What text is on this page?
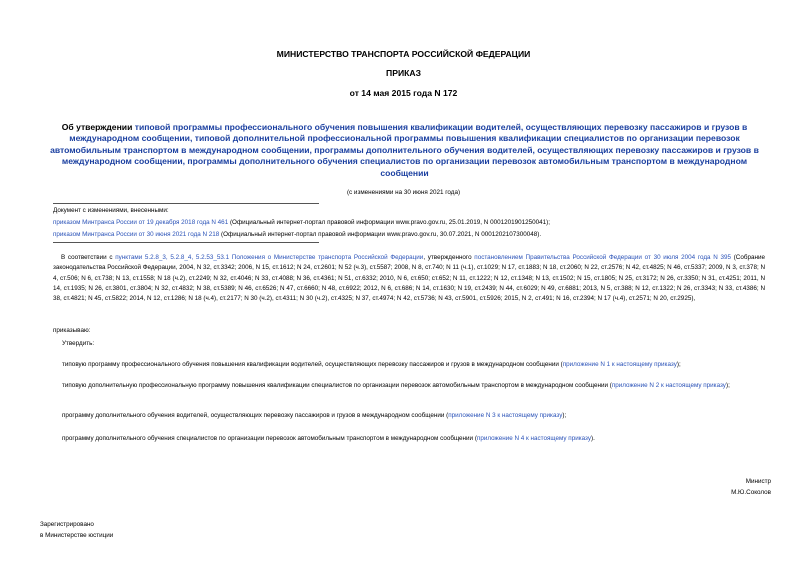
МИНИСТЕРСТВО ТРАНСПОРТА РОССИЙСКОЙ ФЕДЕРАЦИИ
ПРИКАЗ
от 14 мая 2015 года N 172
Об утверждении типовой программы профессионального обучения повышения квалификации водителей, осуществляющих перевозку пассажиров и грузов в международном сообщении, типовой дополнительной профессиональной программы повышения квалификации специалистов по организации перевозок автомобильным транспортом в международном сообщении, программы дополнительного обучения водителей, осуществляющих перевозку пассажиров и грузов в международном сообщении, программы дополнительного обучения специалистов по организации перевозок автомобильным транспортом в международном сообщении
(с изменениями на 30 июня 2021 года)
Документ с изменениями, внесенными:
приказом Минтранса России от 19 декабря 2018 года N 461 (Официальный интернет-портал правовой информации www.pravo.gov.ru, 25.01.2019, N 0001201901250041);
приказом Минтранса России от 30 июня 2021 года N 218 (Официальный интернет-портал правовой информации www.pravo.gov.ru, 30.07.2021, N 0001202107300048).
В соответствии с пунктами 5.2.8_3, 5.2.8_4, 5.2.53_53.1 Положения о Министерстве транспорта Российской Федерации, утвержденного постановлением Правительства Российской Федерации от 30 июля 2004 года N 395 (Собрание законодательства Российской Федерации, 2004, N 32, ст.3342; 2006, N 15, ст.1612; N 24, ст.2601; N 52 (ч.3), ст.5587; 2008, N 8, ст.740; N 11 (ч.1), ст.1029; N 17, ст.1883; N 18, ст.2060; N 22, ст.2576; N 42, ст.4825; N 46, ст.5337; 2009, N 3, ст.378; N 4, ст.506; N 6, ст.738; N 13, ст.1558; N 18 (ч.2), ст.2249; N 32, ст.4046; N 33, ст.4088; N 36, ст.4361; N 51, ст.6332; 2010, N 6, ст.650; ст.652; N 11, ст.1222; N 12, ст.1348; N 13, ст.1502; N 15, ст.1805; N 25, ст.3172; N 26, ст.3350; N 31, ст.4251; 2011, N 14, ст.1935; N 26, ст.3801, ст.3804; N 32, ст.4832; N 38, ст.5389; N 46, ст.6526; N 47, ст.6660; N 48, ст.6922; 2012, N 6, ст.686; N 14, ст.1630; N 19, ст.2439; N 44, ст.6029; N 49, ст.6881; 2013, N 5, ст.388; N 12, ст.1322; N 26, ст.3343; N 33, ст.4386; N 38, ст.4821; N 45, ст.5822; 2014, N 12, ст.1286; N 18 (ч.4), ст.2177; N 30 (ч.2), ст.4311; N 30 (ч.2), ст.4325; N 37, ст.4974; N 42, ст.5736; N 43, ст.5901, ст.5926; 2015, N 2, ст.491; N 16, ст.2394; N 17 (ч.4), ст.2571; N 20, ст.2925),
приказываю:
Утвердить:
типовую программу профессионального обучения повышения квалификации водителей, осуществляющих перевозку пассажиров и грузов в международном сообщении (приложение N 1 к настоящему приказу);
типовую дополнительную профессиональную программу повышения квалификации специалистов по организации перевозок автомобильным транспортом в международном сообщении (приложение N 2 к настоящему приказу);
программу дополнительного обучения водителей, осуществляющих перевозку пассажиров и грузов в международном сообщении (приложение N 3 к настоящему приказу);
программу дополнительного обучения специалистов по организации перевозок автомобильным транспортом в международном сообщении (приложение N 4 к настоящему приказу).
Министр
М.Ю.Соколов
Зарегистрировано
в Министерстве юстиции
